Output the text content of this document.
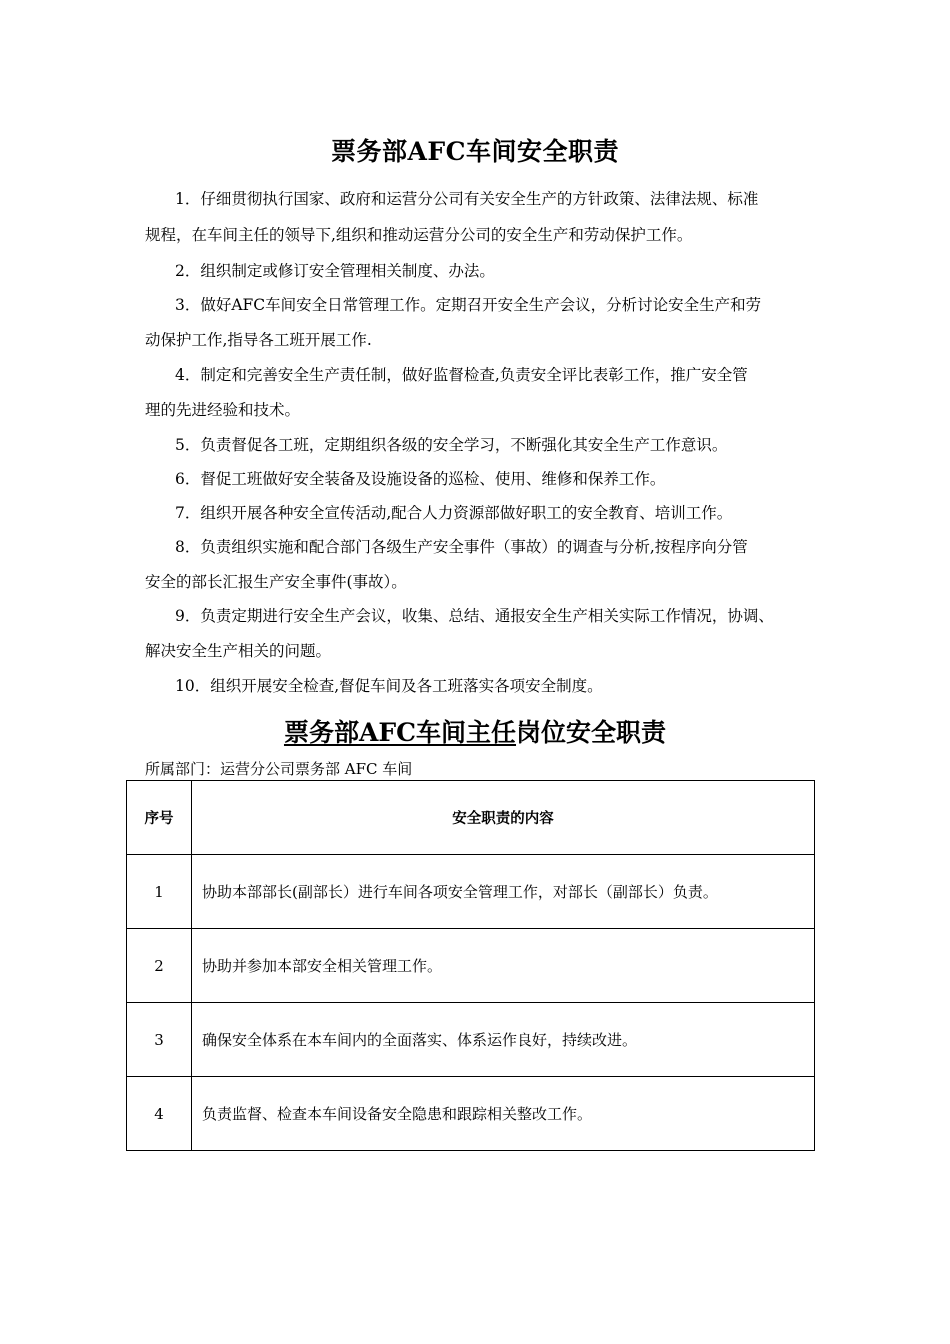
票务部AFC车间安全职责
1．仔细贯彻执行国家、政府和运营分公司有关安全生产的方针政策、法律法规、标准
规程，在车间主任的领导下,组织和推动运营分公司的安全生产和劳动保护工作。
2．组织制定或修订安全管理相关制度、办法。
3．做好AFC车间安全日常管理工作。定期召开安全生产会议，分析讨论安全生产和劳
动保护工作,指导各工班开展工作.
4．制定和完善安全生产责任制，做好监督检查,负责安全评比表彰工作，推广安全管
理的先进经验和技术。
5．负责督促各工班，定期组织各级的安全学习，不断强化其安全生产工作意识。
6．督促工班做好安全装备及设施设备的巡检、使用、维修和保养工作。
7．组织开展各种安全宣传活动,配合人力资源部做好职工的安全教育、培训工作。
8．负责组织实施和配合部门各级生产安全事件（事故）的调查与分析,按程序向分管
安全的部长汇报生产安全事件(事故）。
9．负责定期进行安全生产会议，收集、总结、通报安全生产相关实际工作情况，协调、
解决安全生产相关的问题。
10．组织开展安全检查,督促车间及各工班落实各项安全制度。
票务部AFC车间主任岗位安全职责
所属部门：运营分公司票务部 AFC 车间
序号	安全职责的内容
1	协助本部部长(副部长）进行车间各项安全管理工作，对部长（副部长）负责。
2	协助并参加本部安全相关管理工作。
3	确保安全体系在本车间内的全面落实、体系运作良好，持续改进。
4	负责监督、检查本车间设备安全隐患和跟踪相关整改工作。
